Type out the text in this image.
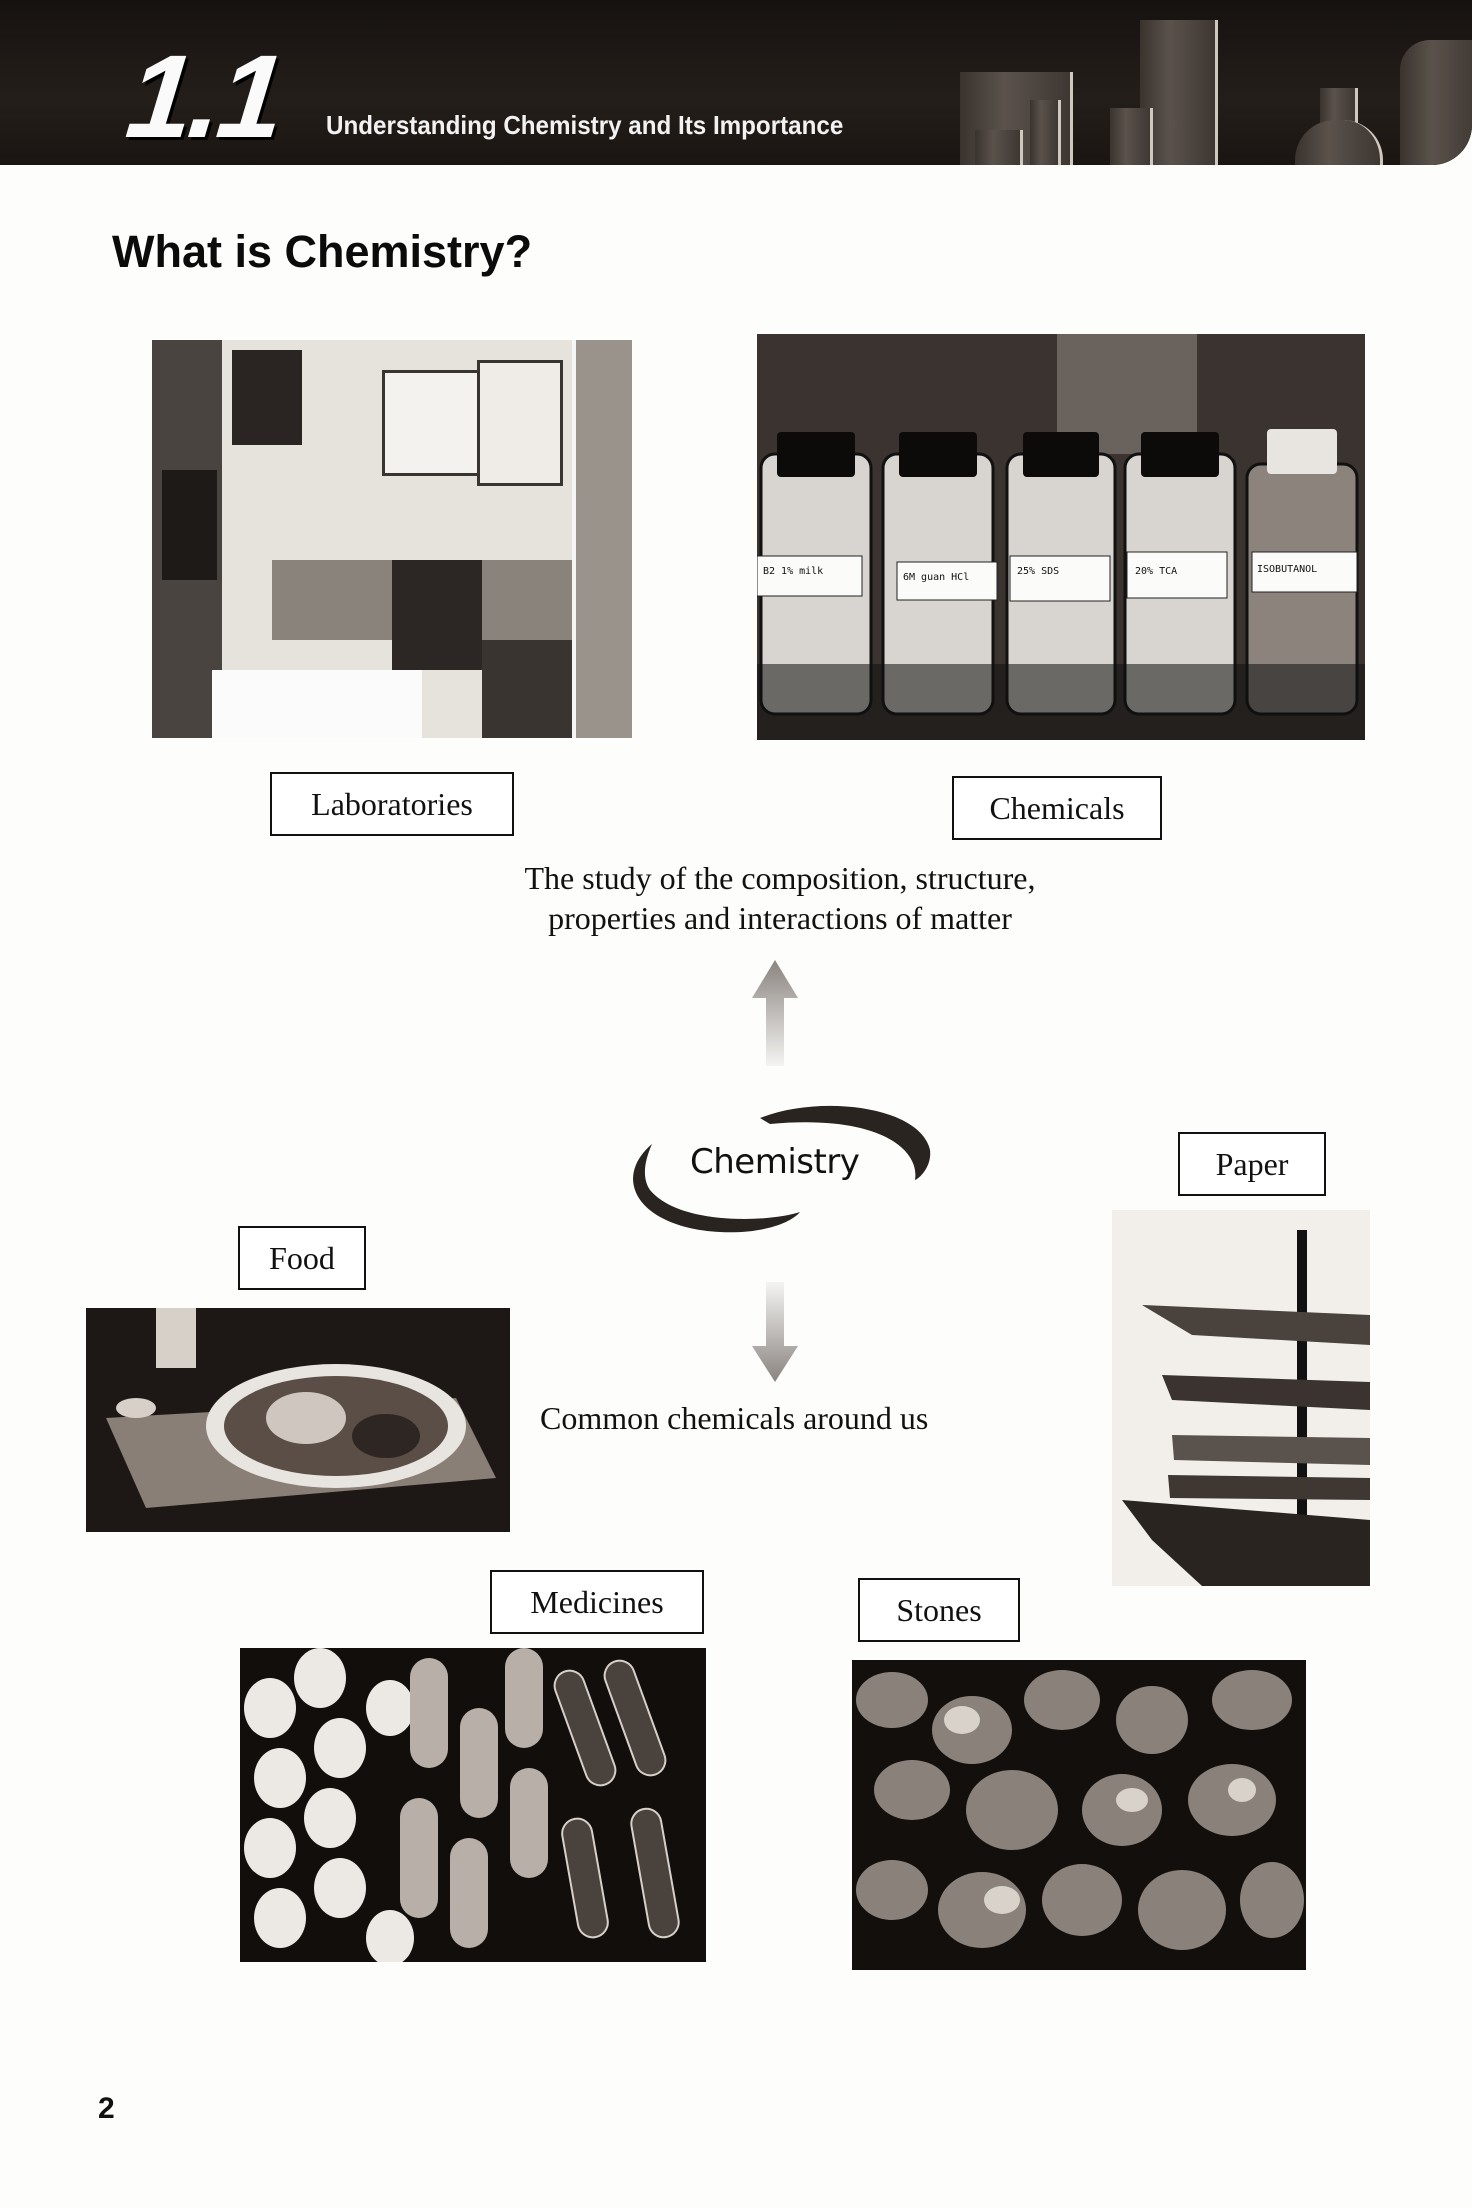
1.1 Understanding Chemistry and Its Importance
What is Chemistry?
B2 1% milk
6M guan HCl
25% SDS	20% TCA	ISOBUTANOL
Laboratories	Chemicals
The study of the composition, structure,
properties and interactions of matter
Chemistry
Common chemicals around us
Paper
Food
Medicines	Stones
2
